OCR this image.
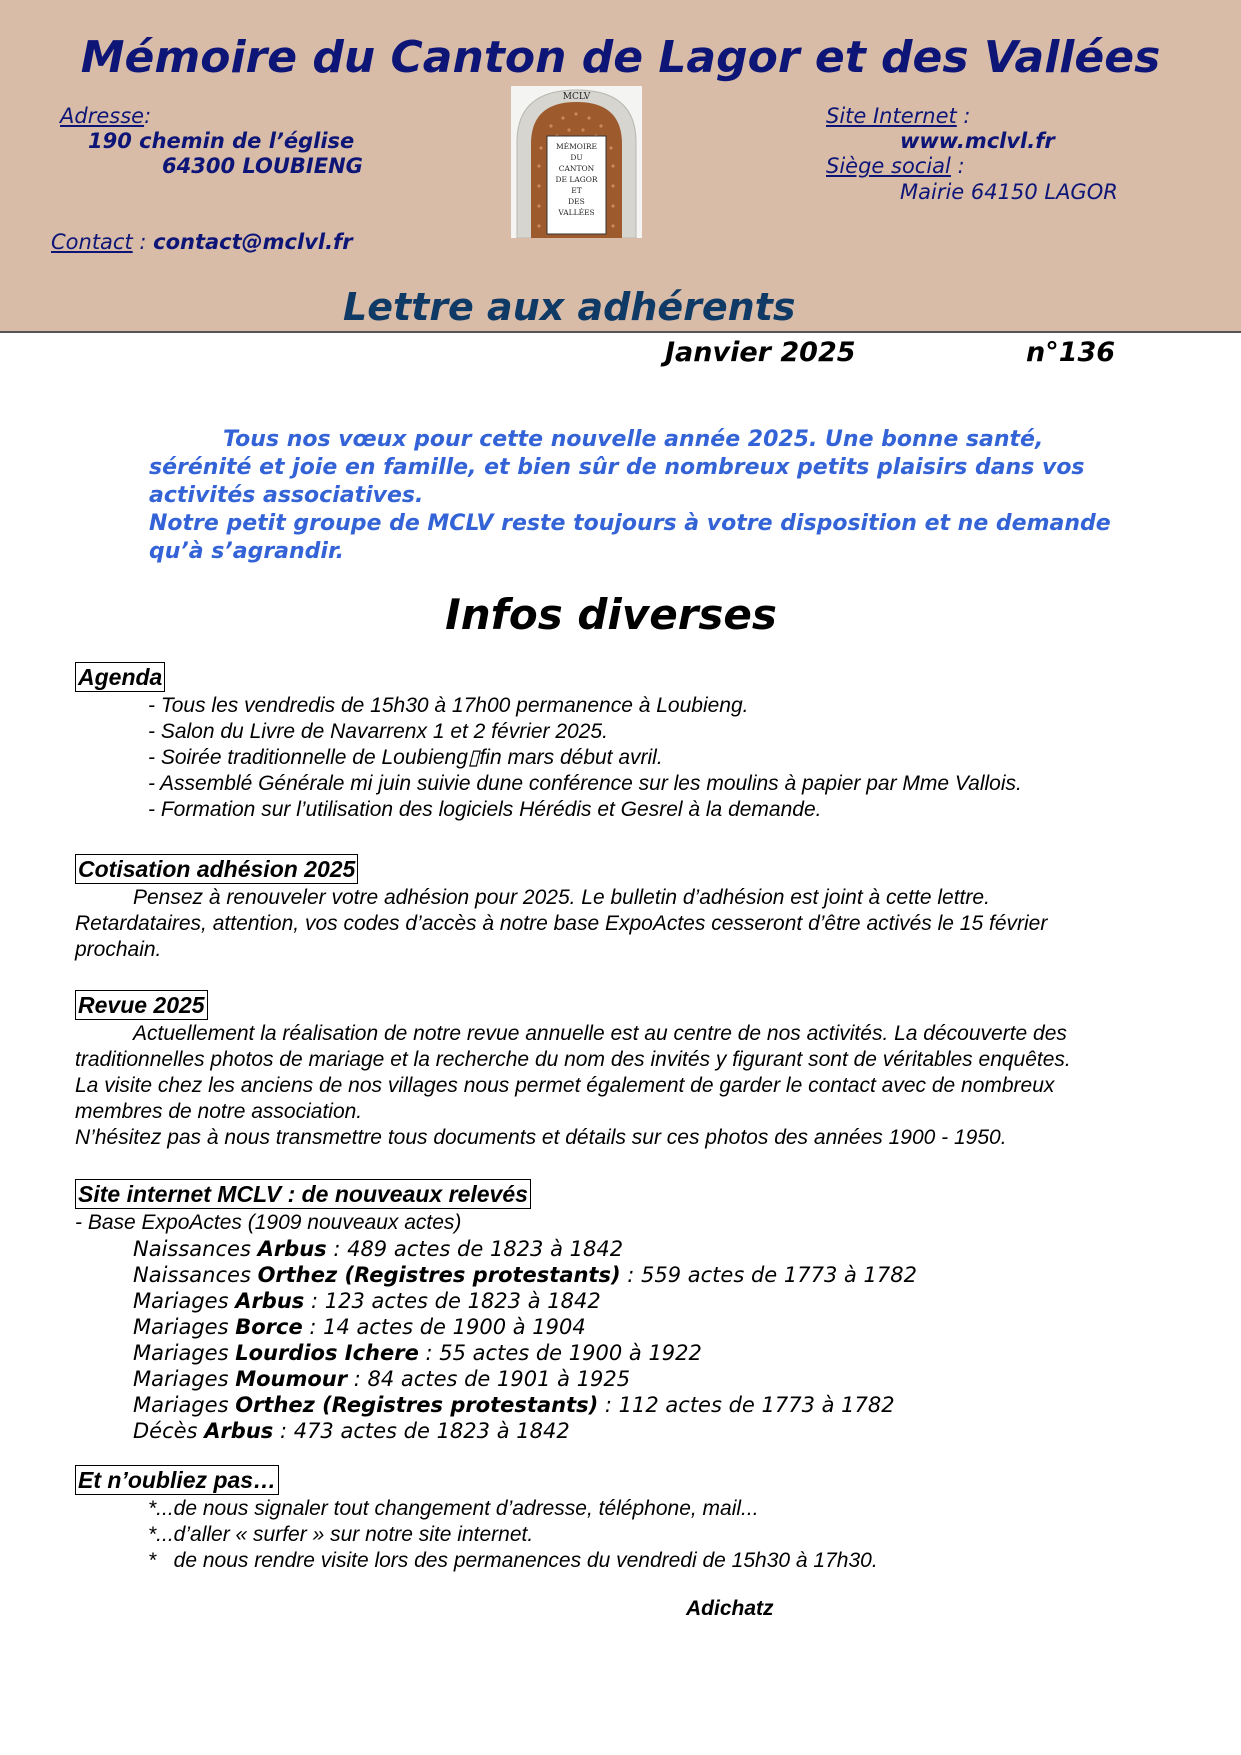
Mémoire du Canton de Lagor et des Vallées
Adresse:
190 chemin de l’église
64300 LOUBIENG
Contact : contact@mclvl.fr
MCLV
MÉMOIRE
DU
CANTON
DE LAGOR
ET
DES
VALLÉES
Site Internet :
www.mclvl.fr
Siège social :
Mairie 64150 LAGOR
Lettre aux adhérents
Janvier 2025	n°136

Tous nos vœux pour cette nouvelle année 2025. Une bonne santé,

sérénité et joie en famille, et bien sûr de nombreux petits plaisirs dans vos

activités associatives.

Notre petit groupe de MCLV reste toujours à votre disposition et ne demande

qu’à s’agrandir.

Infos diverses
Agenda

- Tous les vendredis de 15h30 à 17h00 permanence à Loubieng.

- Salon du Livre de Navarrenx 1 et 2 février 2025.

- Soirée traditionnelle de Loubieng▯fin mars début avril.

- Assemblé Générale mi juin suivie dune conférence sur les moulins à papier par Mme Vallois.

- Formation sur l’utilisation des logiciels Hérédis et Gesrel à la demande.

Cotisation adhésion 2025

Pensez à renouveler votre adhésion pour 2025. Le bulletin d’adhésion est joint à cette lettre.

Retardataires, attention, vos codes d’accès à notre base ExpoActes cesseront d’être activés le 15 février

prochain.

Revue 2025

Actuellement la réalisation de notre revue annuelle est au centre de nos activités. La découverte des

traditionnelles photos de mariage et la recherche du nom des invités y figurant sont de véritables enquêtes.

La visite chez les anciens de nos villages nous permet également de garder le contact avec de nombreux

membres de notre association.

N’hésitez pas à nous transmettre tous documents et détails sur ces photos des années 1900 - 1950.

Site internet MCLV : de nouveaux relevés

- Base ExpoActes (1909 nouveaux actes)

Naissances Arbus : 489 actes de 1823 à 1842

Naissances Orthez (Registres protestants) : 559 actes de 1773 à 1782

Mariages Arbus : 123 actes de 1823 à 1842

Mariages Borce : 14 actes de 1900 à 1904

Mariages Lourdios Ichere : 55 actes de 1900 à 1922

Mariages Moumour : 84 actes de 1901 à 1925

Mariages Orthez (Registres protestants) : 112 actes de 1773 à 1782

Décès Arbus : 473 actes de 1823 à 1842

Et n’oubliez pas…

*...de nous signaler tout changement d’adresse, téléphone, mail...

*...d’aller « surfer » sur notre site internet.

*   de nous rendre visite lors des permanences du vendredi de 15h30 à 17h30.

Adichatz
